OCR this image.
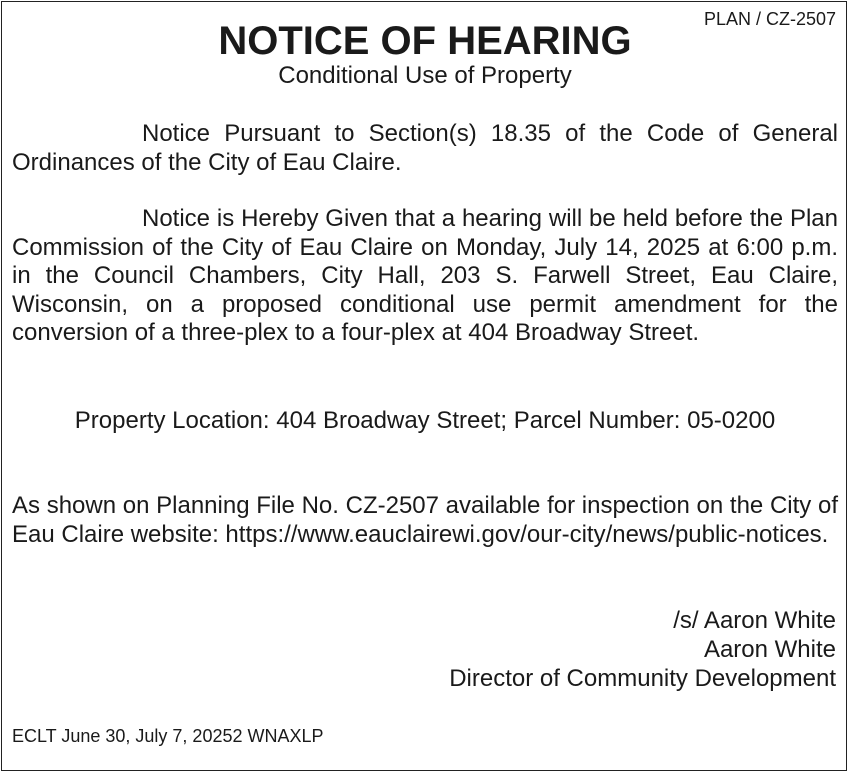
PLAN / CZ-2507
NOTICE OF HEARING
Conditional Use of Property
Notice Pursuant to Section(s) 18.35 of the Code of General Ordinances of the City of Eau Claire.
Notice is Hereby Given that a hearing will be held before the Plan Commission of the City of Eau Claire on Monday, July 14, 2025 at 6:00 p.m. in the Council Chambers, City Hall, 203 S. Farwell Street, Eau Claire, Wisconsin, on a proposed conditional use permit amendment for the conversion of a three-plex to a four-plex at 404 Broadway Street.
Property Location: 404 Broadway Street; Parcel Number: 05-0200
As shown on Planning File No. CZ-2507 available for inspection on the City of Eau Claire website: https://www.eauclairewi.gov/our-city/news/public-notices.
/s/ Aaron White
Aaron White
Director of Community Development
ECLT June 30, July 7, 20252 WNAXLP
